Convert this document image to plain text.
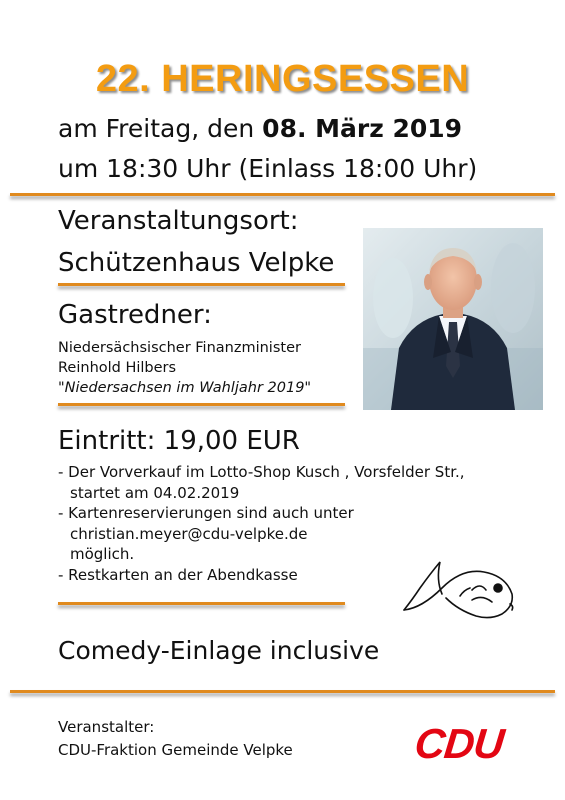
22. HERINGSESSEN
am Freitag, den 08. März 2019
um 18:30 Uhr (Einlass 18:00 Uhr)
Veranstaltungsort:
Schützenhaus Velpke
Gastredner:
Niedersächsischer Finanzminister
Reinhold Hilbers
"Niedersachsen im Wahljahr 2019"
Eintritt: 19,00 EUR
- Der Vorverkauf im Lotto-Shop Kusch , Vorsfelder Str.,
startet am 04.02.2019
- Kartenreservierungen sind auch unter
christian.meyer@cdu-velpke.de
möglich.
- Restkarten an der Abendkasse
Comedy-Einlage inclusive
Veranstalter:
CDU-Fraktion Gemeinde Velpke	CDU
